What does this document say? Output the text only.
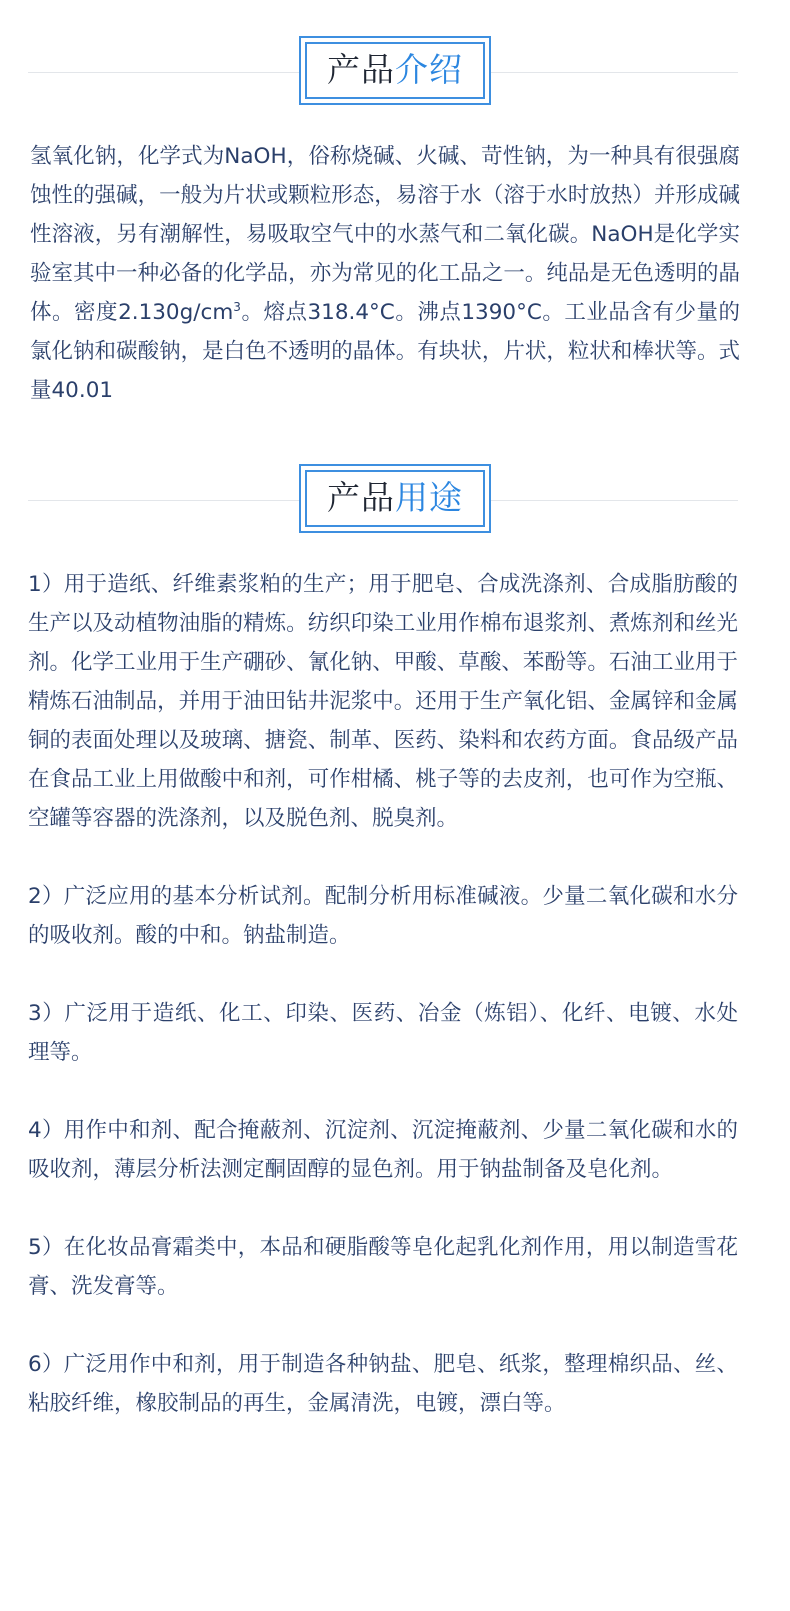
产品介绍

氢氧化钠，化学式为NaOH，俗称烧碱、火碱、苛性钠，为一种具有很强腐蚀性的强碱，一般为片状或颗粒形态，易溶于水（溶于水时放热）并形成碱性溶液，另有潮解性，易吸取空气中的水蒸气和二氧化碳。NaOH是化学实验室其中一种必备的化学品，亦为常见的化工品之一。纯品是无色透明的晶体。密度$2.130g/cm^3$。熔点318.4°C。沸点1390°C。工业品含有少量的氯化钠和碳酸钠，是白色不透明的晶体。有块状，片状，粒状和棒状等。式量40.01

产品用途

1）用于造纸、纤维素浆粕的生产；用于肥皂、合成洗涤剂、合成脂肪酸的生产以及动植物油脂的精炼。纺织印染工业用作棉布退浆剂、煮炼剂和丝光剂。化学工业用于生产硼砂、氰化钠、甲酸、草酸、苯酚等。石油工业用于精炼石油制品，并用于油田钻井泥浆中。还用于生产氧化铝、金属锌和金属铜的表面处理以及玻璃、搪瓷、制革、医药、染料和农药方面。食品级产品在食品工业上用做酸中和剂，可作柑橘、桃子等的去皮剂，也可作为空瓶、空罐等容器的洗涤剂，以及脱色剂、脱臭剂。

2）广泛应用的基本分析试剂。配制分析用标准碱液。少量二氧化碳和水分的吸收剂。酸的中和。钠盐制造。

3）广泛用于造纸、化工、印染、医药、冶金（炼铝）、化纤、电镀、水处理等。

4）用作中和剂、配合掩蔽剂、沉淀剂、沉淀掩蔽剂、少量二氧化碳和水的吸收剂，薄层分析法测定酮固醇的显色剂。用于钠盐制备及皂化剂。

5）在化妆品膏霜类中，本品和硬脂酸等皂化起乳化剂作用，用以制造雪花膏、洗发膏等。

6）广泛用作中和剂，用于制造各种钠盐、肥皂、纸浆，整理棉织品、丝、粘胶纤维，橡胶制品的再生，金属清洗，电镀，漂白等。
